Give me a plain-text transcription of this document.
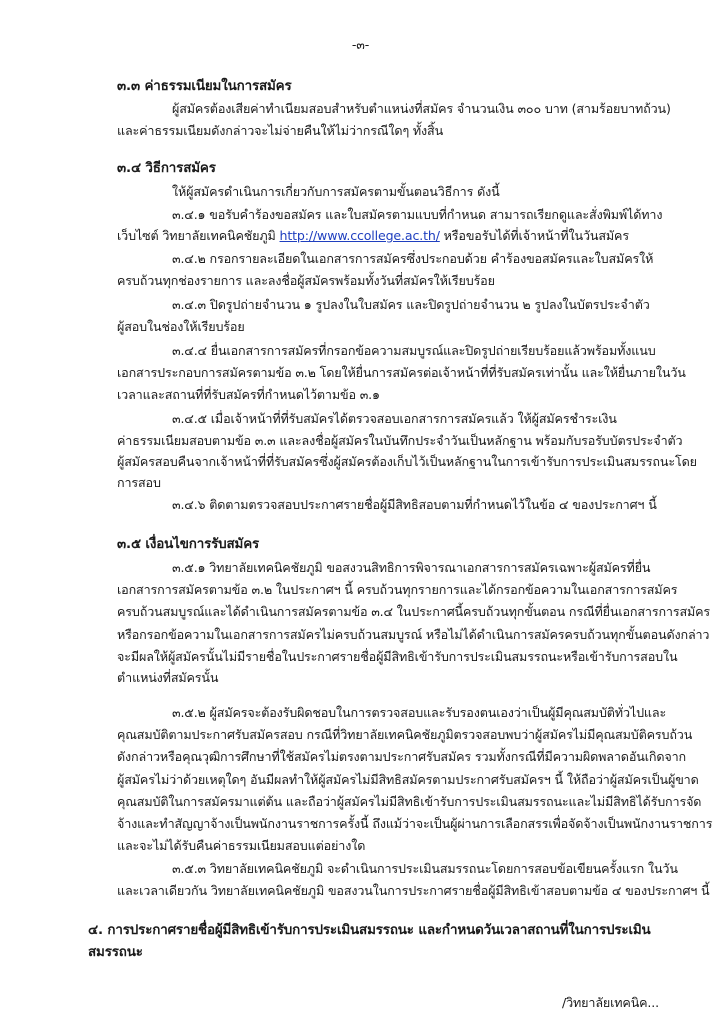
-๓-
๓.๓ ค่าธรรมเนียมในการสมัคร
ผู้สมัครต้องเสียค่าทำเนียมสอบสำหรับตำแหน่งที่สมัคร จำนวนเงิน ๓๐๐ บาท (สามร้อยบาทถ้วน)
และค่าธรรมเนียมดังกล่าวจะไม่จ่ายคืนให้ไม่ว่ากรณีใดๆ ทั้งสิ้น
๓.๔ วิธีการสมัคร
ให้ผู้สมัครดำเนินการเกี่ยวกับการสมัครตามขั้นตอนวิธีการ ดังนี้
๓.๔.๑ ขอรับคำร้องขอสมัคร และใบสมัครตามแบบที่กำหนด สามารถเรียกดูและสั่งพิมพ์ได้ทาง
เว็บไซต์ วิทยาลัยเทคนิคชัยภูมิ http://www.ccollege.ac.th/ หรือขอรับได้ที่เจ้าหน้าที่ในวันสมัคร
๓.๔.๒ กรอกรายละเอียดในเอกสารการสมัครซึ่งประกอบด้วย คำร้องขอสมัครและใบสมัครให้
ครบถ้วนทุกช่องรายการ และลงชื่อผู้สมัครพร้อมทั้งวันที่สมัครให้เรียบร้อย
๓.๔.๓ ปิดรูปถ่ายจำนวน ๑ รูปลงในใบสมัคร และปิดรูปถ่ายจำนวน ๒ รูปลงในบัตรประจำตัว
ผู้สอบในช่องให้เรียบร้อย
๓.๔.๔ ยื่นเอกสารการสมัครที่กรอกข้อความสมบูรณ์และปิดรูปถ่ายเรียบร้อยแล้วพร้อมทั้งแนบ
เอกสารประกอบการสมัครตามข้อ ๓.๒ โดยให้ยื่นการสมัครต่อเจ้าหน้าที่ที่รับสมัครเท่านั้น และให้ยื่นภายในวัน
เวลาและสถานที่ที่รับสมัครที่กำหนดไว้ตามข้อ ๓.๑
๓.๔.๕ เมื่อเจ้าหน้าที่ที่รับสมัครได้ตรวจสอบเอกสารการสมัครแล้ว ให้ผู้สมัครชำระเงิน
ค่าธรรมเนียมสอบตามข้อ ๓.๓ และลงชื่อผู้สมัครในบันทึกประจำวันเป็นหลักฐาน พร้อมกับรอรับบัตรประจำตัว
ผู้สมัครสอบคืนจากเจ้าหน้าที่ที่รับสมัครซึ่งผู้สมัครต้องเก็บไว้เป็นหลักฐานในการเข้ารับการประเมินสมรรถนะโดย
การสอบ
๓.๔.๖ ติดตามตรวจสอบประกาศรายชื่อผู้มีสิทธิสอบตามที่กำหนดไว้ในข้อ ๔ ของประกาศฯ นี้
๓.๕ เงื่อนไขการรับสมัคร
๓.๕.๑ วิทยาลัยเทคนิคชัยภูมิ ขอสงวนสิทธิการพิจารณาเอกสารการสมัครเฉพาะผู้สมัครที่ยื่น
เอกสารการสมัครตามข้อ ๓.๒ ในประกาศฯ นี้ ครบถ้วนทุกรายการและได้กรอกข้อความในเอกสารการสมัคร
ครบถ้วนสมบูรณ์และได้ดำเนินการสมัครตามข้อ ๓.๔ ในประกาศนี้ครบถ้วนทุกขั้นตอน กรณีที่ยื่นเอกสารการสมัคร
หรือกรอกข้อความในเอกสารการสมัครไม่ครบถ้วนสมบูรณ์ หรือไม่ได้ดำเนินการสมัครครบถ้วนทุกขั้นตอนดังกล่าว
จะมีผลให้ผู้สมัครนั้นไม่มีรายชื่อในประกาศรายชื่อผู้มีสิทธิเข้ารับการประเมินสมรรถนะหรือเข้ารับการสอบใน
ตำแหน่งที่สมัครนั้น
๓.๕.๒ ผู้สมัครจะต้องรับผิดชอบในการตรวจสอบและรับรองตนเองว่าเป็นผู้มีคุณสมบัติทั่วไปและ
คุณสมบัติตามประกาศรับสมัครสอบ กรณีที่วิทยาลัยเทคนิคชัยภูมิตรวจสอบพบว่าผู้สมัครไม่มีคุณสมบัติครบถ้วน
ดังกล่าวหรือคุณวุฒิการศึกษาที่ใช้สมัครไม่ตรงตามประกาศรับสมัคร รวมทั้งกรณีที่มีความผิดพลาดอันเกิดจาก
ผู้สมัครไม่ว่าด้วยเหตุใดๆ อันมีผลทำให้ผู้สมัครไม่มีสิทธิสมัครตามประกาศรับสมัครฯ นี้ ให้ถือว่าผู้สมัครเป็นผู้ขาด
คุณสมบัติในการสมัครมาแต่ต้น และถือว่าผู้สมัครไม่มีสิทธิเข้ารับการประเมินสมรรถนะและไม่มีสิทธิได้รับการจัด
จ้างและทำสัญญาจ้างเป็นพนักงานราชการครั้งนี้ ถึงแม้ว่าจะเป็นผู้ผ่านการเลือกสรรเพื่อจัดจ้างเป็นพนักงานราชการ
และจะไม่ได้รับคืนค่าธรรมเนียมสอบแต่อย่างใด
๓.๕.๓ วิทยาลัยเทคนิคชัยภูมิ จะดำเนินการประเมินสมรรถนะโดยการสอบข้อเขียนครั้งแรก ในวัน
และเวลาเดียวกัน วิทยาลัยเทคนิคชัยภูมิ ขอสงวนในการประกาศรายชื่อผู้มีสิทธิเข้าสอบตามข้อ ๔ ของประกาศฯ นี้
๔. การประกาศรายชื่อผู้มีสิทธิเข้ารับการประเมินสมรรถนะ และกำหนดวันเวลาสถานที่ในการประเมิน
สมรรถนะ
/วิทยาลัยเทคนิค...
